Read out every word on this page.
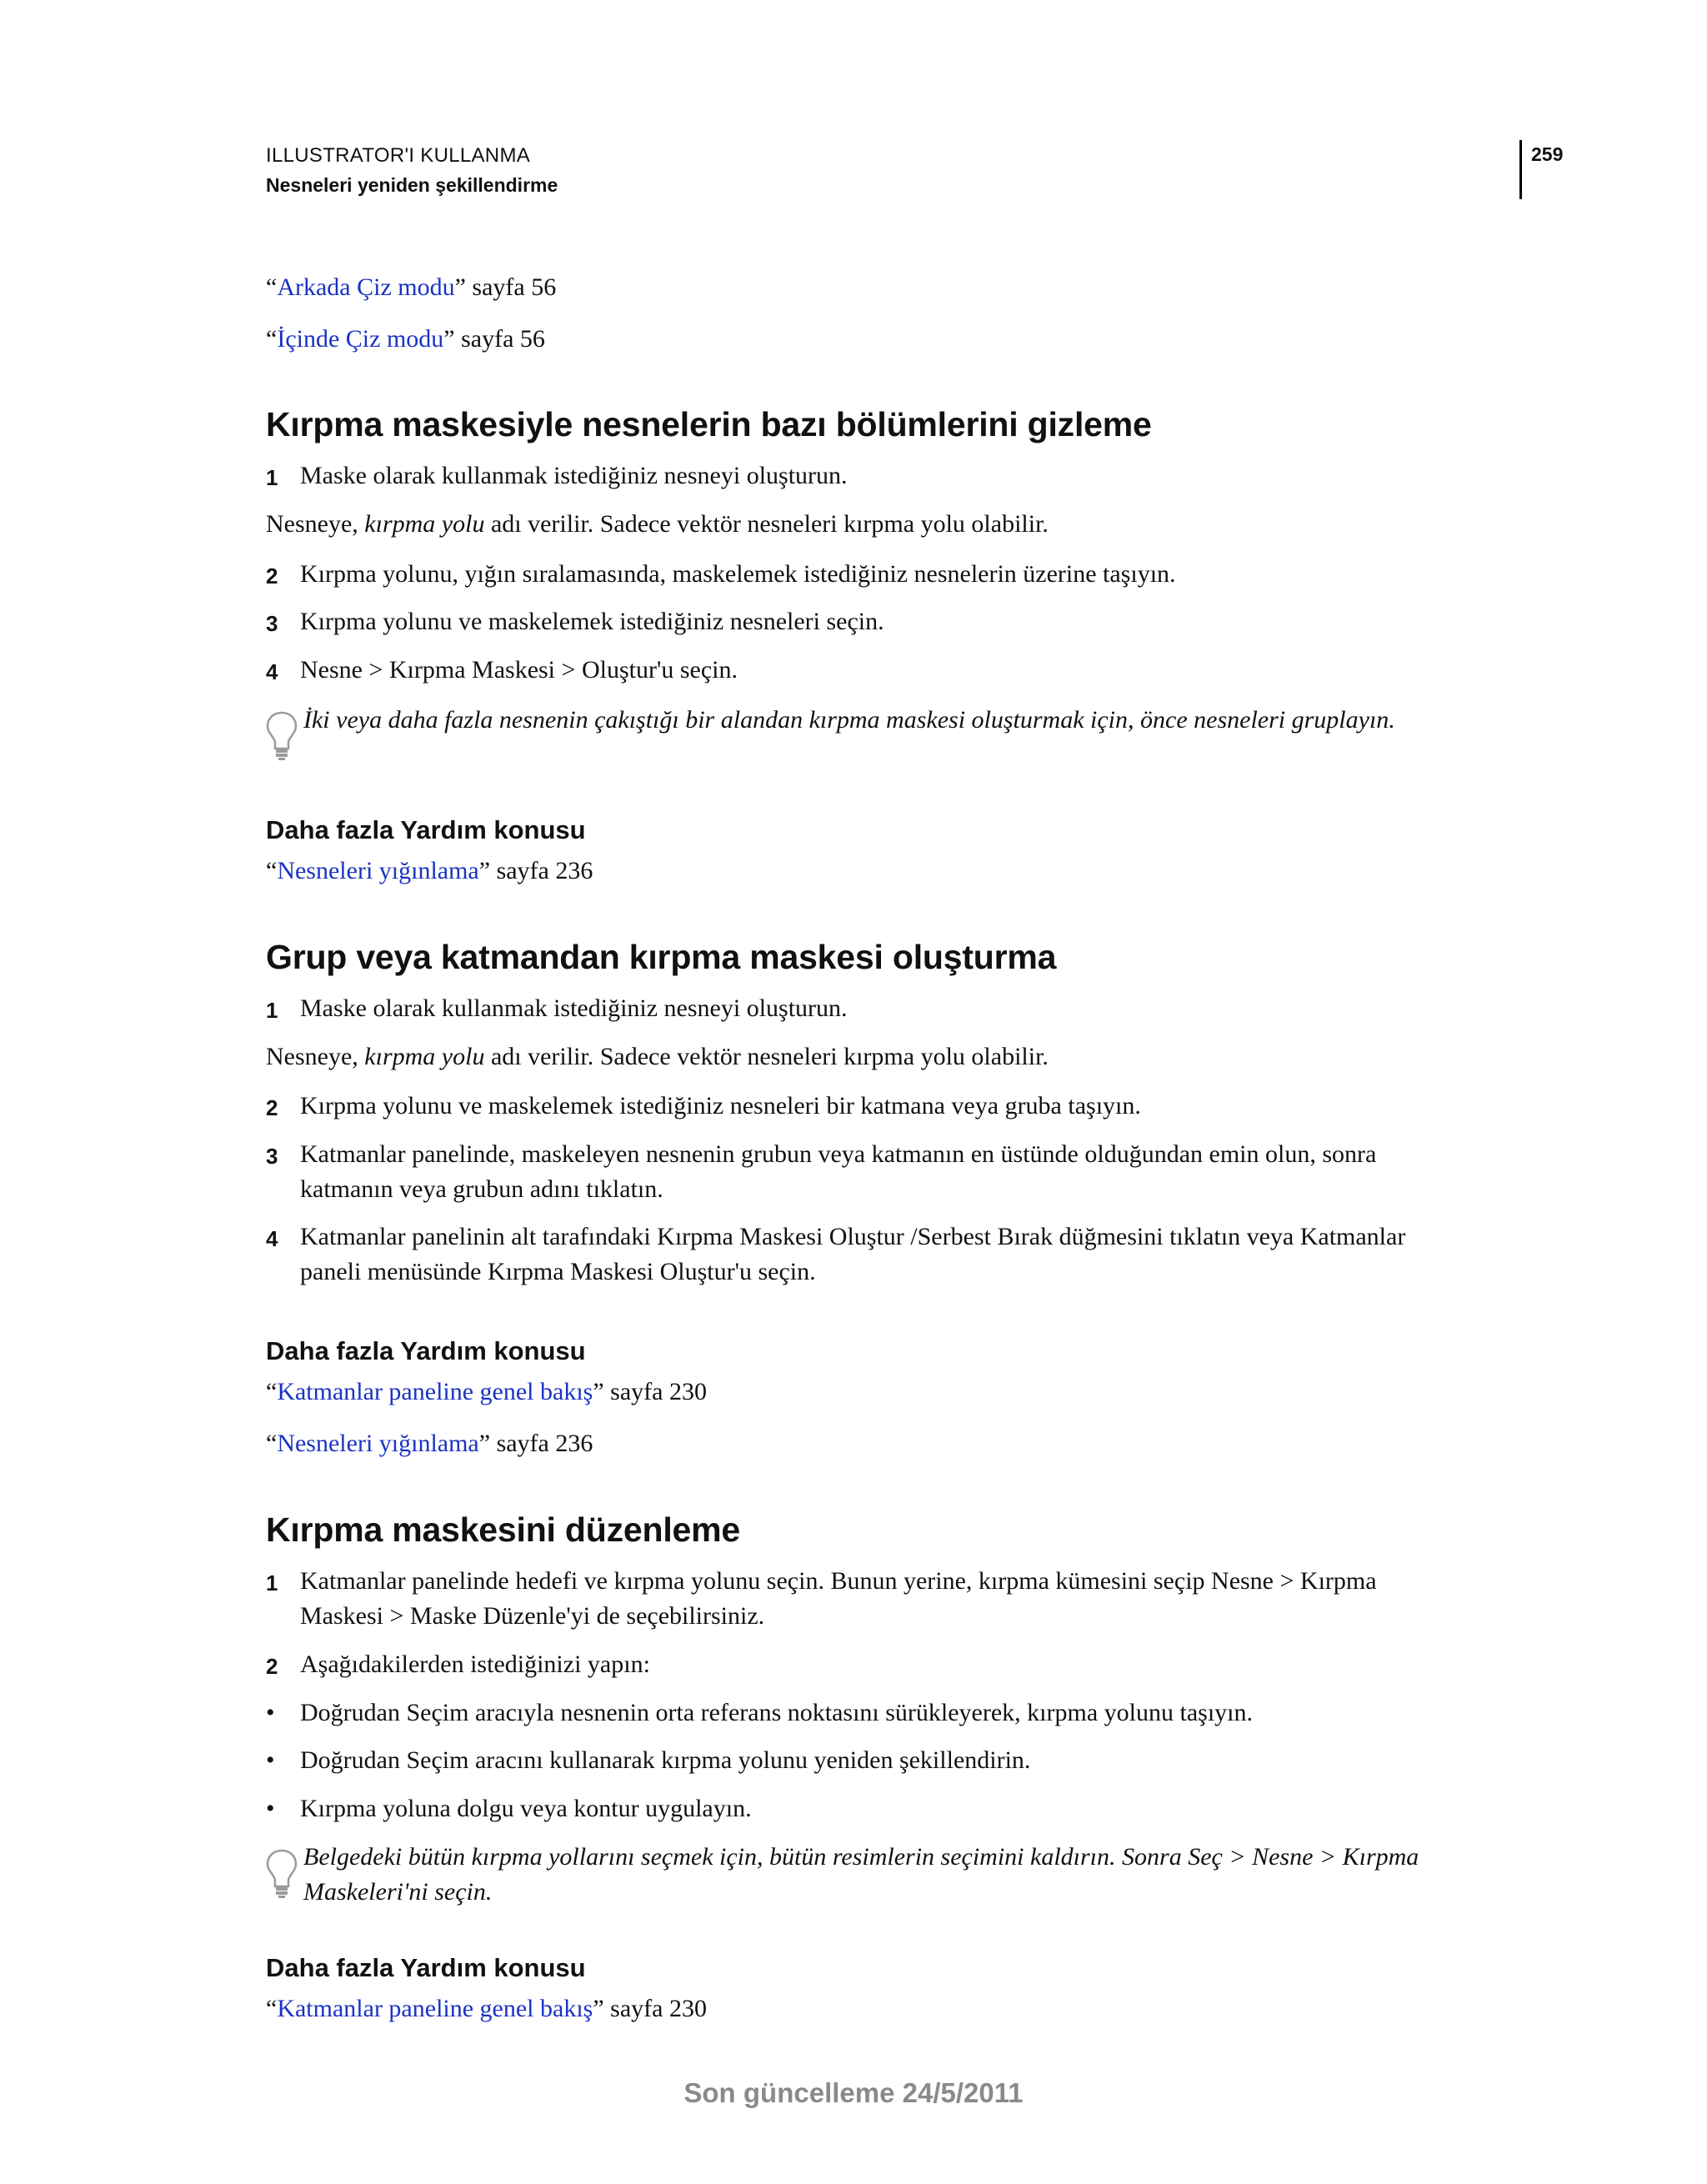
ILLUSTRATOR'I KULLANMA
Nesneleri yeniden şekillendirme
259
“Arkada Çiz modu” sayfa 56
“İçinde Çiz modu” sayfa 56
Kırpma maskesiyle nesnelerin bazı bölümlerini gizleme
1 Maske olarak kullanmak istediğiniz nesneyi oluşturun.
Nesneye, kırpma yolu adı verilir. Sadece vektör nesneleri kırpma yolu olabilir.
2 Kırpma yolunu, yığın sıralamasında, maskelemek istediğiniz nesnelerin üzerine taşıyın.
3 Kırpma yolunu ve maskelemek istediğiniz nesneleri seçin.
4 Nesne > Kırpma Maskesi > Oluştur'u seçin.
İki veya daha fazla nesnenin çakıştığı bir alandan kırpma maskesi oluşturmak için, önce nesneleri gruplayın.
Daha fazla Yardım konusu
“Nesneleri yığınlama” sayfa 236
Grup veya katmandan kırpma maskesi oluşturma
1 Maske olarak kullanmak istediğiniz nesneyi oluşturun.
Nesneye, kırpma yolu adı verilir. Sadece vektör nesneleri kırpma yolu olabilir.
2 Kırpma yolunu ve maskelemek istediğiniz nesneleri bir katmana veya gruba taşıyın.
3 Katmanlar panelinde, maskeleyen nesnenin grubun veya katmanın en üstünde olduğundan emin olun, sonra
katmanın veya grubun adını tıklatın.
4 Katmanlar panelinin alt tarafındaki Kırpma Maskesi Oluştur /Serbest Bırak düğmesini tıklatın veya Katmanlar
paneli menüsünde Kırpma Maskesi Oluştur'u seçin.
Daha fazla Yardım konusu
“Katmanlar paneline genel bakış” sayfa 230
“Nesneleri yığınlama” sayfa 236
Kırpma maskesini düzenleme
1 Katmanlar panelinde hedefi ve kırpma yolunu seçin. Bunun yerine, kırpma kümesini seçip Nesne > Kırpma
Maskesi > Maske Düzenle'yi de seçebilirsiniz.
2 Aşağıdakilerden istediğinizi yapın:
• Doğrudan Seçim aracıyla nesnenin orta referans noktasını sürükleyerek, kırpma yolunu taşıyın.
• Doğrudan Seçim aracını kullanarak kırpma yolunu yeniden şekillendirin.
• Kırpma yoluna dolgu veya kontur uygulayın.
Belgedeki bütün kırpma yollarını seçmek için, bütün resimlerin seçimini kaldırın. Sonra Seç > Nesne > Kırpma
Maskeleri'ni seçin.
Daha fazla Yardım konusu
“Katmanlar paneline genel bakış” sayfa 230
Son güncelleme 24/5/2011
